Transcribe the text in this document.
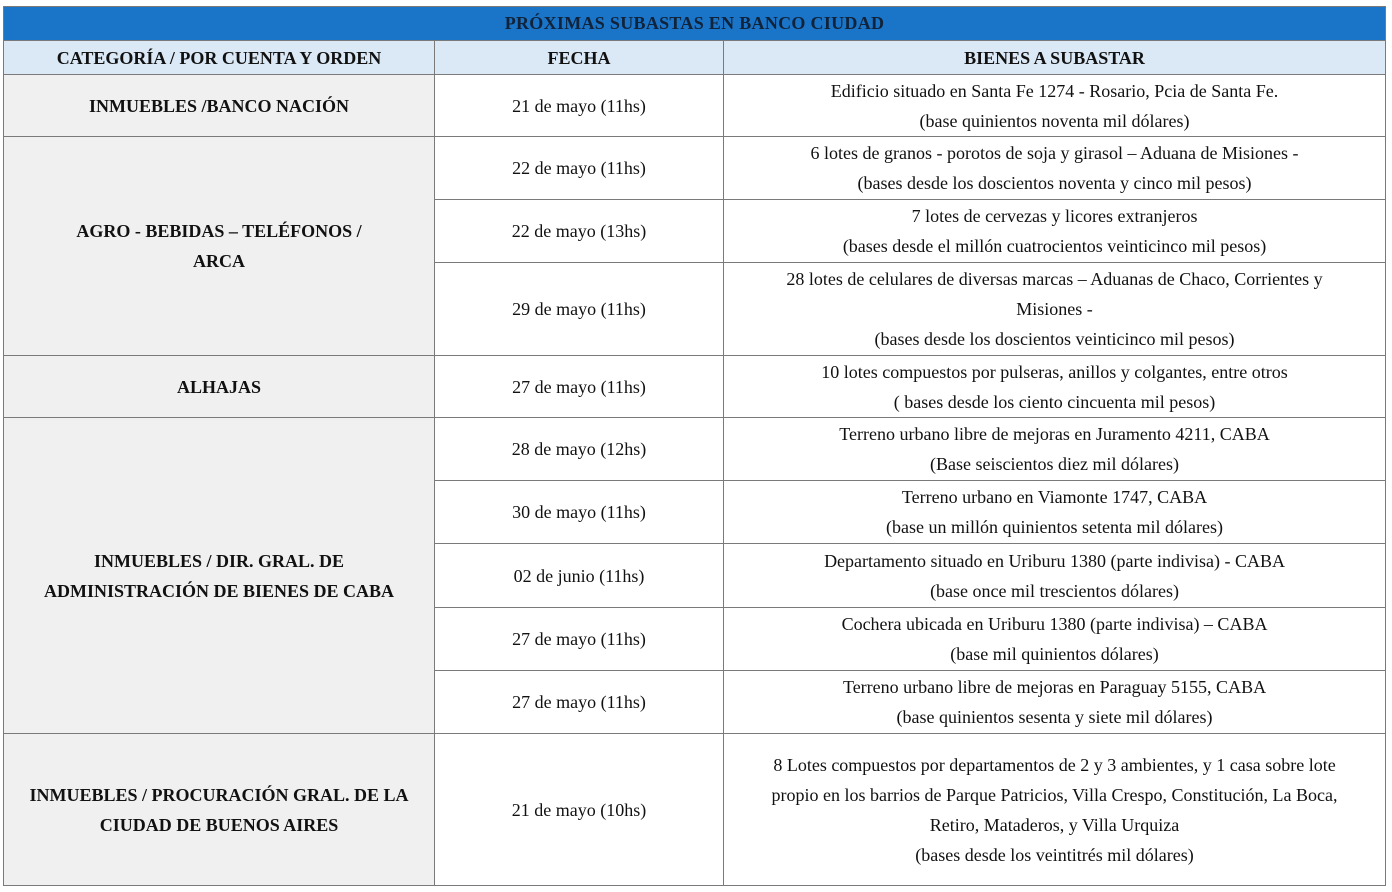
PRÓXIMAS SUBASTAS EN BANCO CIUDAD		
CATEGORÍA / POR CUENTA Y ORDEN	FECHA	BIENES A SUBASTAR

INMUEBLES /BANCO NACIÓN	21 de mayo (11hs)	Edificio situado en Santa Fe 1274 - Rosario, Pcia de Santa Fe.
(base quinientos noventa mil dólares)

AGRO - BEBIDAS – TELÉFONOS /
ARCA	22 de mayo (11hs)	6 lotes de granos - porotos de soja y girasol – Aduana de Misiones -
(bases desde los doscientos noventa y cinco mil pesos)

	22 de mayo (13hs)	7 lotes de cervezas y licores extranjeros
(bases desde el millón cuatrocientos veinticinco mil pesos)

	29 de mayo (11hs)	28 lotes de celulares de diversas marcas – Aduanas de Chaco, Corrientes y
Misiones -
(bases desde los doscientos veinticinco mil pesos)

ALHAJAS	27 de mayo (11hs)	10 lotes compuestos por pulseras, anillos y colgantes, entre otros
( bases desde los ciento cincuenta mil pesos)

INMUEBLES / DIR. GRAL. DE
ADMINISTRACIÓN DE BIENES DE CABA	28 de mayo (12hs)	Terreno urbano libre de mejoras en Juramento 4211, CABA
(Base seiscientos diez mil dólares)

	30 de mayo (11hs)	Terreno urbano en Viamonte 1747, CABA
(base un millón quinientos setenta mil dólares)

	02 de junio (11hs)	Departamento situado en Uriburu 1380 (parte indivisa) - CABA
(base once mil trescientos dólares)

	27 de mayo (11hs)	Cochera ubicada en Uriburu 1380 (parte indivisa) – CABA
(base mil quinientos dólares)

	27 de mayo (11hs)	Terreno urbano libre de mejoras en Paraguay 5155, CABA
(base quinientos sesenta y siete mil dólares)

INMUEBLES / PROCURACIÓN GRAL. DE LA
CIUDAD DE BUENOS AIRES	21 de mayo (10hs)	8 Lotes compuestos por departamentos de 2 y 3 ambientes, y 1 casa sobre lote
propio en los barrios de Parque Patricios, Villa Crespo, Constitución, La Boca,
Retiro, Mataderos, y Villa Urquiza
(bases desde los veintitrés mil dólares)
